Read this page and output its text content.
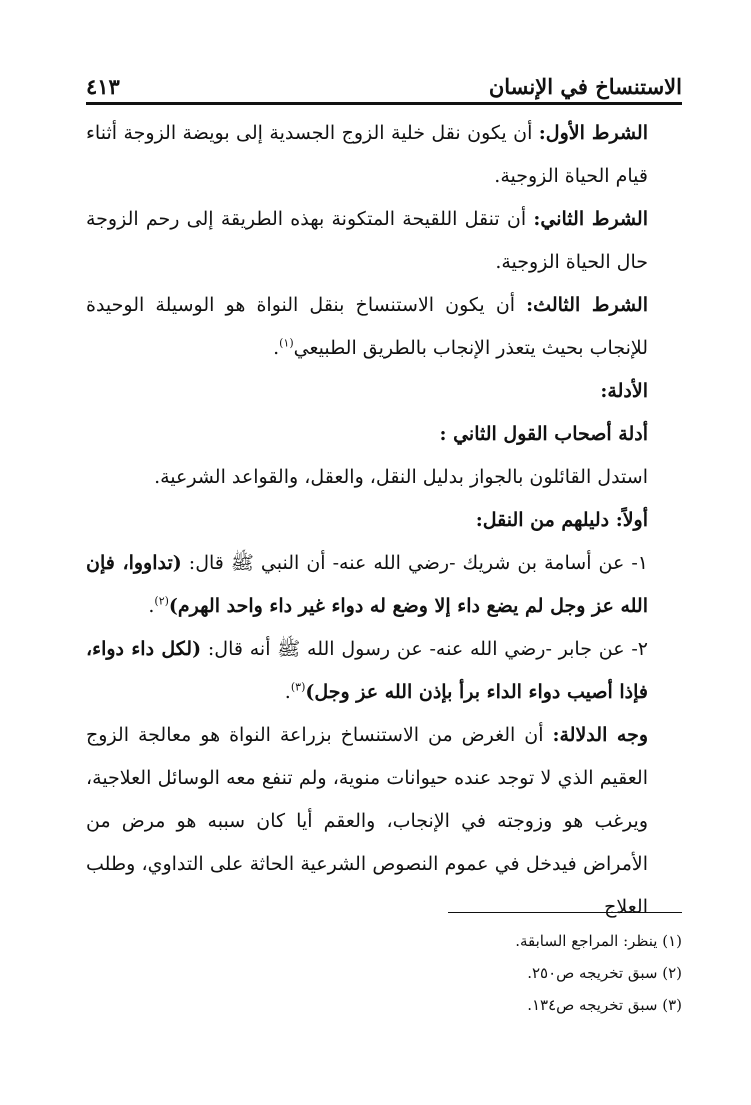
الاستنساخ في الإنسان
٤١٣

الشرط الأول: أن يكون نقل خلية الزوج الجسدية إلى بويضة الزوجة أثناء قيام الحياة الزوجية.

الشرط الثاني: أن تنقل اللقيحة المتكونة بهذه الطريقة إلى رحم الزوجة حال الحياة الزوجية.

الشرط الثالث: أن يكون الاستنساخ بنقل النواة هو الوسيلة الوحيدة للإنجاب بحيث يتعذر الإنجاب بالطريق الطبيعي$^{(١)}$.

الأدلة:

أدلة أصحاب القول الثاني :

استدل القائلون بالجواز بدليل النقل، والعقل، والقواعد الشرعية.

أولاً: دليلهم من النقل:

١- عن أسامة بن شريك -رضي الله عنه- أن النبي ﷺ قال: (تداووا، فإن الله عز وجل لم يضع داء إلا وضع له دواء غير داء واحد الهرم)$^{(٢)}$.

٢- عن جابر -رضي الله عنه- عن رسول الله ﷺ أنه قال: (لكل داء دواء، فإذا أصيب دواء الداء برأ بإذن الله عز وجل)$^{(٣)}$.

وجه الدلالة: أن الغرض من الاستنساخ بزراعة النواة هو معالجة الزوج العقيم الذي لا توجد عنده حيوانات منوية، ولم تنفع معه الوسائل العلاجية، ويرغب هو وزوجته في الإنجاب، والعقم أيا كان سببه هو مرض من الأمراض فيدخل في عموم النصوص الشرعية الحاثة على التداوي، وطلب العلاج

(١) ينظر: المراجع السابقة.
(٢) سبق تخريجه ص٢٥٠.
(٣) سبق تخريجه ص١٣٤.
